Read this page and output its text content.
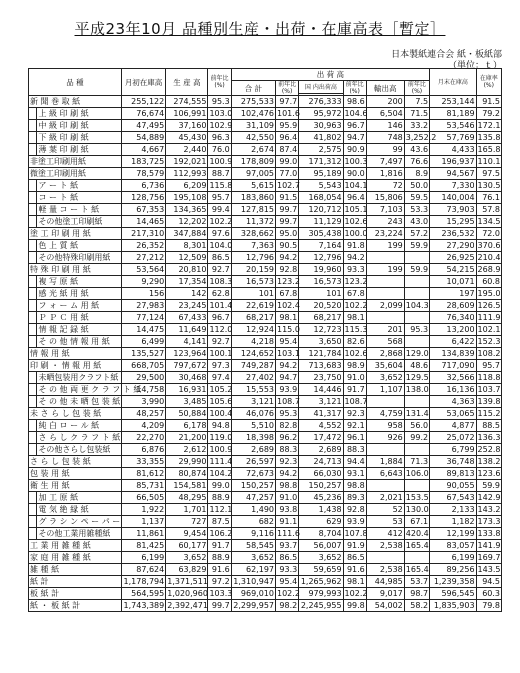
平成23年10月 品種別生産・出荷・在庫高表［暫定］
日本製紙連合会 紙・板紙部
（単位：ｔ）
品 種		月初在庫高	生 産 高	前年比(%)	出 荷 高						月末在庫高	在庫率(%)
					合 計	前年比(%)	国 内出荷高	前年比(%)	輸出高	前年比(%)		

新 聞 巻 取 紙		255,122	274,555	95.3	275,533	97.7	276,333	98.6	200	7.5	253,144	91.5
	上 級 印 刷 紙	76,674	106,991	103.0	102,476	101.6	95,972	104.6	6,504	71.5	81,189	79.2
	中 級 印 刷 紙	47,495	37,160	102.9	31,109	95.9	30,963	96.7	146	33.2	53,546	172.1
	下 級 印 刷 紙	54,889	45,430	96.3	42,550	96.4	41,802	94.7	748	3,252.2	57,769	135.8
	薄 葉 印 刷 紙	4,667	2,440	76.0	2,674	87.4	2,575	90.9	99	43.6	4,433	165.8
非塗工印刷用紙		183,725	192,021	100.9	178,809	99.0	171,312	100.3	7,497	76.6	196,937	110.1
微塗工印刷用紙		78,579	112,993	88.7	97,005	77.0	95,189	90.0	1,816	8.9	94,567	97.5
	ア ー ト 紙	6,736	6,209	115.8	5,615	102.7	5,543	104.1	72	50.0	7,330	130.5
	コ ー ト 紙	128,756	195,108	95.7	183,860	91.5	168,054	96.4	15,806	59.5	140,004	76.1
	軽 量 コ ー ト 紙	67,353	134,365	99.4	127,815	99.7	120,712	105.1	7,103	53.3	73,903	57.8
	その他塗工印刷紙	14,465	12,202	102.2	11,372	99.7	11,129	102.6	243	43.0	15,295	134.5
塗 工 印 刷 用 紙		217,310	347,884	97.6	328,662	95.0	305,438	100.0	23,224	57.2	236,532	72.0
	色 上 質 紙	26,352	8,301	104.0	7,363	90.5	7,164	91.8	199	59.9	27,290	370.6
	その他特殊印刷用紙	27,212	12,509	86.5	12,796	94.2	12,796	94.2			26,925	210.4
特 殊 印 刷 用 紙		53,564	20,810	92.7	20,159	92.8	19,960	93.3	199	59.9	54,215	268.9
	複 写 原 紙	9,290	17,354	108.3	16,573	123.2	16,573	123.2			10,071	60.8
	感 光 紙 用 紙	156	142	62.8	101	67.8	101	67.8			197	195.0
	フ ォ ー ム 用 紙	27,983	23,245	101.4	22,619	102.4	20,520	102.2	2,099	104.3	28,609	126.5
	Ｐ Ｐ Ｃ 用 紙	77,124	67,433	96.7	68,217	98.1	68,217	98.1			76,340	111.9
	情 報 記 録 紙	14,475	11,649	112.0	12,924	115.0	12,723	115.3	201	95.3	13,200	102.1
	そ の 他 情 報 用 紙	6,499	4,141	92.7	4,218	95.4	3,650	82.6	568		6,422	152.3
情 報 用 紙		135,527	123,964	100.1	124,652	103.1	121,784	102.6	2,868	129.0	134,839	108.2
印 刷 ・ 情 報 用 紙		668,705	797,672	97.3	749,287	94.2	713,683	98.9	35,604	48.6	717,090	95.7
	未晒包装用クラフト紙	29,500	30,468	97.4	27,402	94.7	23,750	91.0	3,652	129.5	32,566	118.8
	そ の 他 両 更 ク ラ フ ト 紙	14,758	16,931	105.2	15,553	93.9	14,446	91.7	1,107	138.0	16,136	103.7
	そ の 他 未 晒 包 装 紙	3,990	3,485	105.6	3,121	108.7	3,121	108.7			4,363	139.8
未 さ ら し 包 装 紙		48,257	50,884	100.4	46,076	95.3	41,317	92.3	4,759	131.4	53,065	115.2
	純 白 ロ ー ル 紙	4,209	6,178	94.8	5,510	82.8	4,552	92.1	958	56.0	4,877	88.5
	さ ら し ク ラ フ ト 紙	22,270	21,200	119.0	18,398	96.2	17,472	96.1	926	99.2	25,072	136.3
	その他さらし包装紙	6,876	2,612	100.9	2,689	88.3	2,689	88.3			6,799	252.8
さ ら し 包 装 紙		33,355	29,990	111.4	26,597	92.3	24,713	94.4	1,884	71.3	36,748	138.2
包 装 用 紙		81,612	80,874	104.2	72,673	94.2	66,030	93.1	6,643	106.0	89,813	123.6
衛 生 用 紙		85,731	154,581	99.0	150,257	98.8	150,257	98.8			90,055	59.9
	加 工 原 紙	66,505	48,295	88.9	47,257	91.0	45,236	89.3	2,021	153.5	67,543	142.9
	電 気 絶 縁 紙	1,922	1,701	112.1	1,490	93.8	1,438	92.8	52	130.0	2,133	143.2
	グ ラ シ ン ペ ー パ ー	1,137	727	87.5	682	91.1	629	93.9	53	67.1	1,182	173.3
	その他工業用雑種紙	11,861	9,454	106.2	9,116	111.6	8,704	107.8	412	420.4	12,199	133.8
工 業 用 雑 種 紙		81,425	60,177	91.7	58,545	93.7	56,007	91.9	2,538	165.4	83,057	141.9
家 庭 用 雑 種 紙		6,199	3,652	88.9	3,652	86.5	3,652	86.5			6,199	169.7
雑 種 紙		87,624	63,829	91.6	62,197	93.3	59,659	91.6	2,538	165.4	89,256	143.5
紙 計		1,178,794	1,371,511	97.2	1,310,947	95.4	1,265,962	98.1	44,985	53.7	1,239,358	94.5
板 紙 計		564,595	1,020,960	103.3	969,010	102.2	979,993	102.2	9,017	98.7	596,545	60.3
紙 ・ 板 紙 計		1,743,389	2,392,471	99.7	2,299,957	98.2	2,245,955	99.8	54,002	58.2	1,835,903	79.8
